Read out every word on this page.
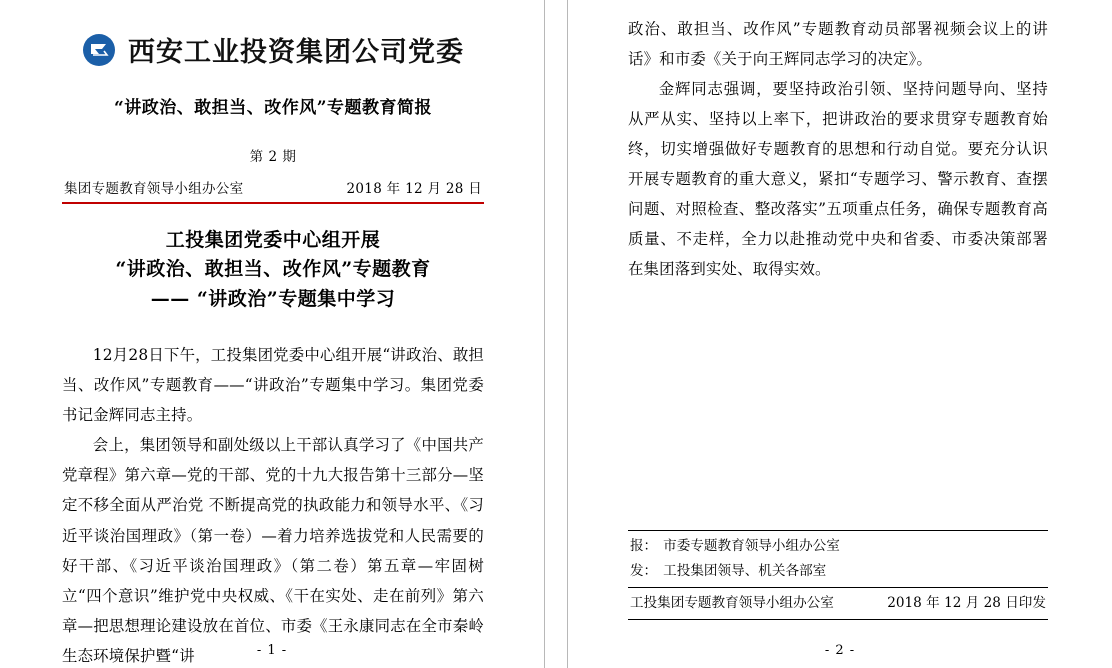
西安工业投资集团公司党委
“讲政治、敢担当、改作风”专题教育简报
第 2 期
集团专题教育领导小组办公室	2018 年 12 月 28 日
工投集团党委中心组开展
“讲政治、敢担当、改作风”专题教育
—— “讲政治”专题集中学习

12月28日下午，工投集团党委中心组开展“讲政治、敢担当、改作风”专题教育——“讲政治”专题集中学习。集团党委书记金辉同志主持。

会上，集团领导和副处级以上干部认真学习了《中国共产党章程》第六章—党的干部、党的十九大报告第十三部分—坚定不移全面从严治党 不断提高党的执政能力和领导水平、《习近平谈治国理政》（第一卷）—着力培养选拔党和人民需要的好干部、《习近平谈治国理政》（第二卷）第五章—牢固树立“四个意识”维护党中央权威、《干在实处、走在前列》第六章—把思想理论建设放在首位、市委《王永康同志在全市秦岭生态环境保护暨“讲	- 1 -

政治、敢担当、改作风”专题教育动员部署视频会议上的讲话》和市委《关于向王辉同志学习的决定》。

金辉同志强调，要坚持政治引领、坚持问题导向、坚持从严从实、坚持以上率下，把讲政治的要求贯穿专题教育始终，切实增强做好专题教育的思想和行动自觉。要充分认识开展专题教育的重大意义，紧扣“专题学习、警示教育、查摆问题、对照检查、整改落实”五项重点任务，确保专题教育高质量、不走样，全力以赴推动党中央和省委、市委决策部署在集团落到实处、取得实效。

报： 市委专题教育领导小组办公室
发： 工投集团领导、机关各部室
工投集团专题教育领导小组办公室	2018 年 12 月 28 日印发
- 2 -
